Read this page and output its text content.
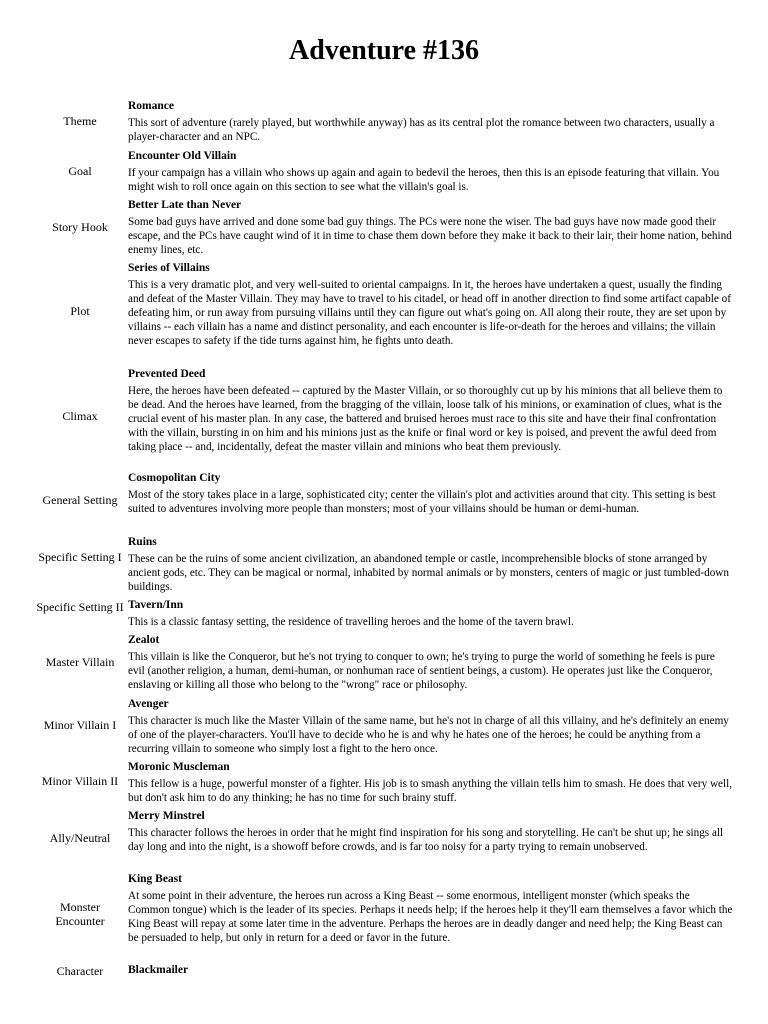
Adventure #136
Theme
Romance
This sort of adventure (rarely played, but worthwhile anyway) has as its central plot the romance between two characters, usually a player-character and an NPC.
Goal
Encounter Old Villain
If your campaign has a villain who shows up again and again to bedevil the heroes, then this is an episode featuring that villain. You might wish to roll once again on this section to see what the villain's goal is.
Story Hook
Better Late than Never
Some bad guys have arrived and done some bad guy things. The PCs were none the wiser. The bad guys have now made good their escape, and the PCs have caught wind of it in time to chase them down before they make it back to their lair, their home nation, behind enemy lines, etc.
Plot
Series of Villains
This is a very dramatic plot, and very well-suited to oriental campaigns. In it, the heroes have undertaken a quest, usually the finding and defeat of the Master Villain. They may have to travel to his citadel, or head off in another direction to find some artifact capable of defeating him, or run away from pursuing villains until they can figure out what's going on. All along their route, they are set upon by villains -- each villain has a name and distinct personality, and each encounter is life-or-death for the heroes and villains; the villain never escapes to safety if the tide turns against him, he fights unto death.
Climax
Prevented Deed
Here, the heroes have been defeated -- captured by the Master Villain, or so thoroughly cut up by his minions that all believe them to be dead. And the heroes have learned, from the bragging of the villain, loose talk of his minions, or examination of clues, what is the crucial event of his master plan. In any case, the battered and bruised heroes must race to this site and have their final confrontation with the villain, bursting in on him and his minions just as the knife or final word or key is poised, and prevent the awful deed from taking place -- and, incidentally, defeat the master villain and minions who beat them previously.
General Setting
Cosmopolitan City
Most of the story takes place in a large, sophisticated city; center the villain's plot and activities around that city. This setting is best suited to adventures involving more people than monsters; most of your villains should be human or demi-human.
Specific Setting I
Ruins
These can be the ruins of some ancient civilization, an abandoned temple or castle, incomprehensible blocks of stone arranged by ancient gods, etc. They can be magical or normal, inhabited by normal animals or by monsters, centers of magic or just tumbled-down buildings.
Specific Setting II Tavern/Inn
This is a classic fantasy setting, the residence of travelling heroes and the home of the tavern brawl.
Master Villain
Zealot
This villain is like the Conqueror, but he's not trying to conquer to own; he's trying to purge the world of something he feels is pure evil (another religion, a human, demi-human, or nonhuman race of sentient beings, a custom). He operates just like the Conqueror, enslaving or killing all those who belong to the "wrong" race or philosophy.
Minor Villain I
Avenger
This character is much like the Master Villain of the same name, but he's not in charge of all this villainy, and he's definitely an enemy of one of the player-characters. You'll have to decide who he is and why he hates one of the heroes; he could be anything from a recurring villain to someone who simply lost a fight to the hero once.
Minor Villain II
Moronic Muscleman
This fellow is a huge, powerful monster of a fighter. His job is to smash anything the villain tells him to smash. He does that very well, but don't ask him to do any thinking; he has no time for such brainy stuff.
Ally/Neutral
Merry Minstrel
This character follows the heroes in order that he might find inspiration for his song and storytelling. He can't be shut up; he sings all day long and into the night, is a showoff before crowds, and is far too noisy for a party trying to remain unobserved.
Monster Encounter
King Beast
At some point in their adventure, the heroes run across a King Beast -- some enormous, intelligent monster (which speaks the Common tongue) which is the leader of its species. Perhaps it needs help; if the heroes help it they'll earn themselves a favor which the King Beast will repay at some later time in the adventure. Perhaps the heroes are in deadly danger and need help; the King Beast can be persuaded to help, but only in return for a deed or favor in the future.
Character	Blackmailer
